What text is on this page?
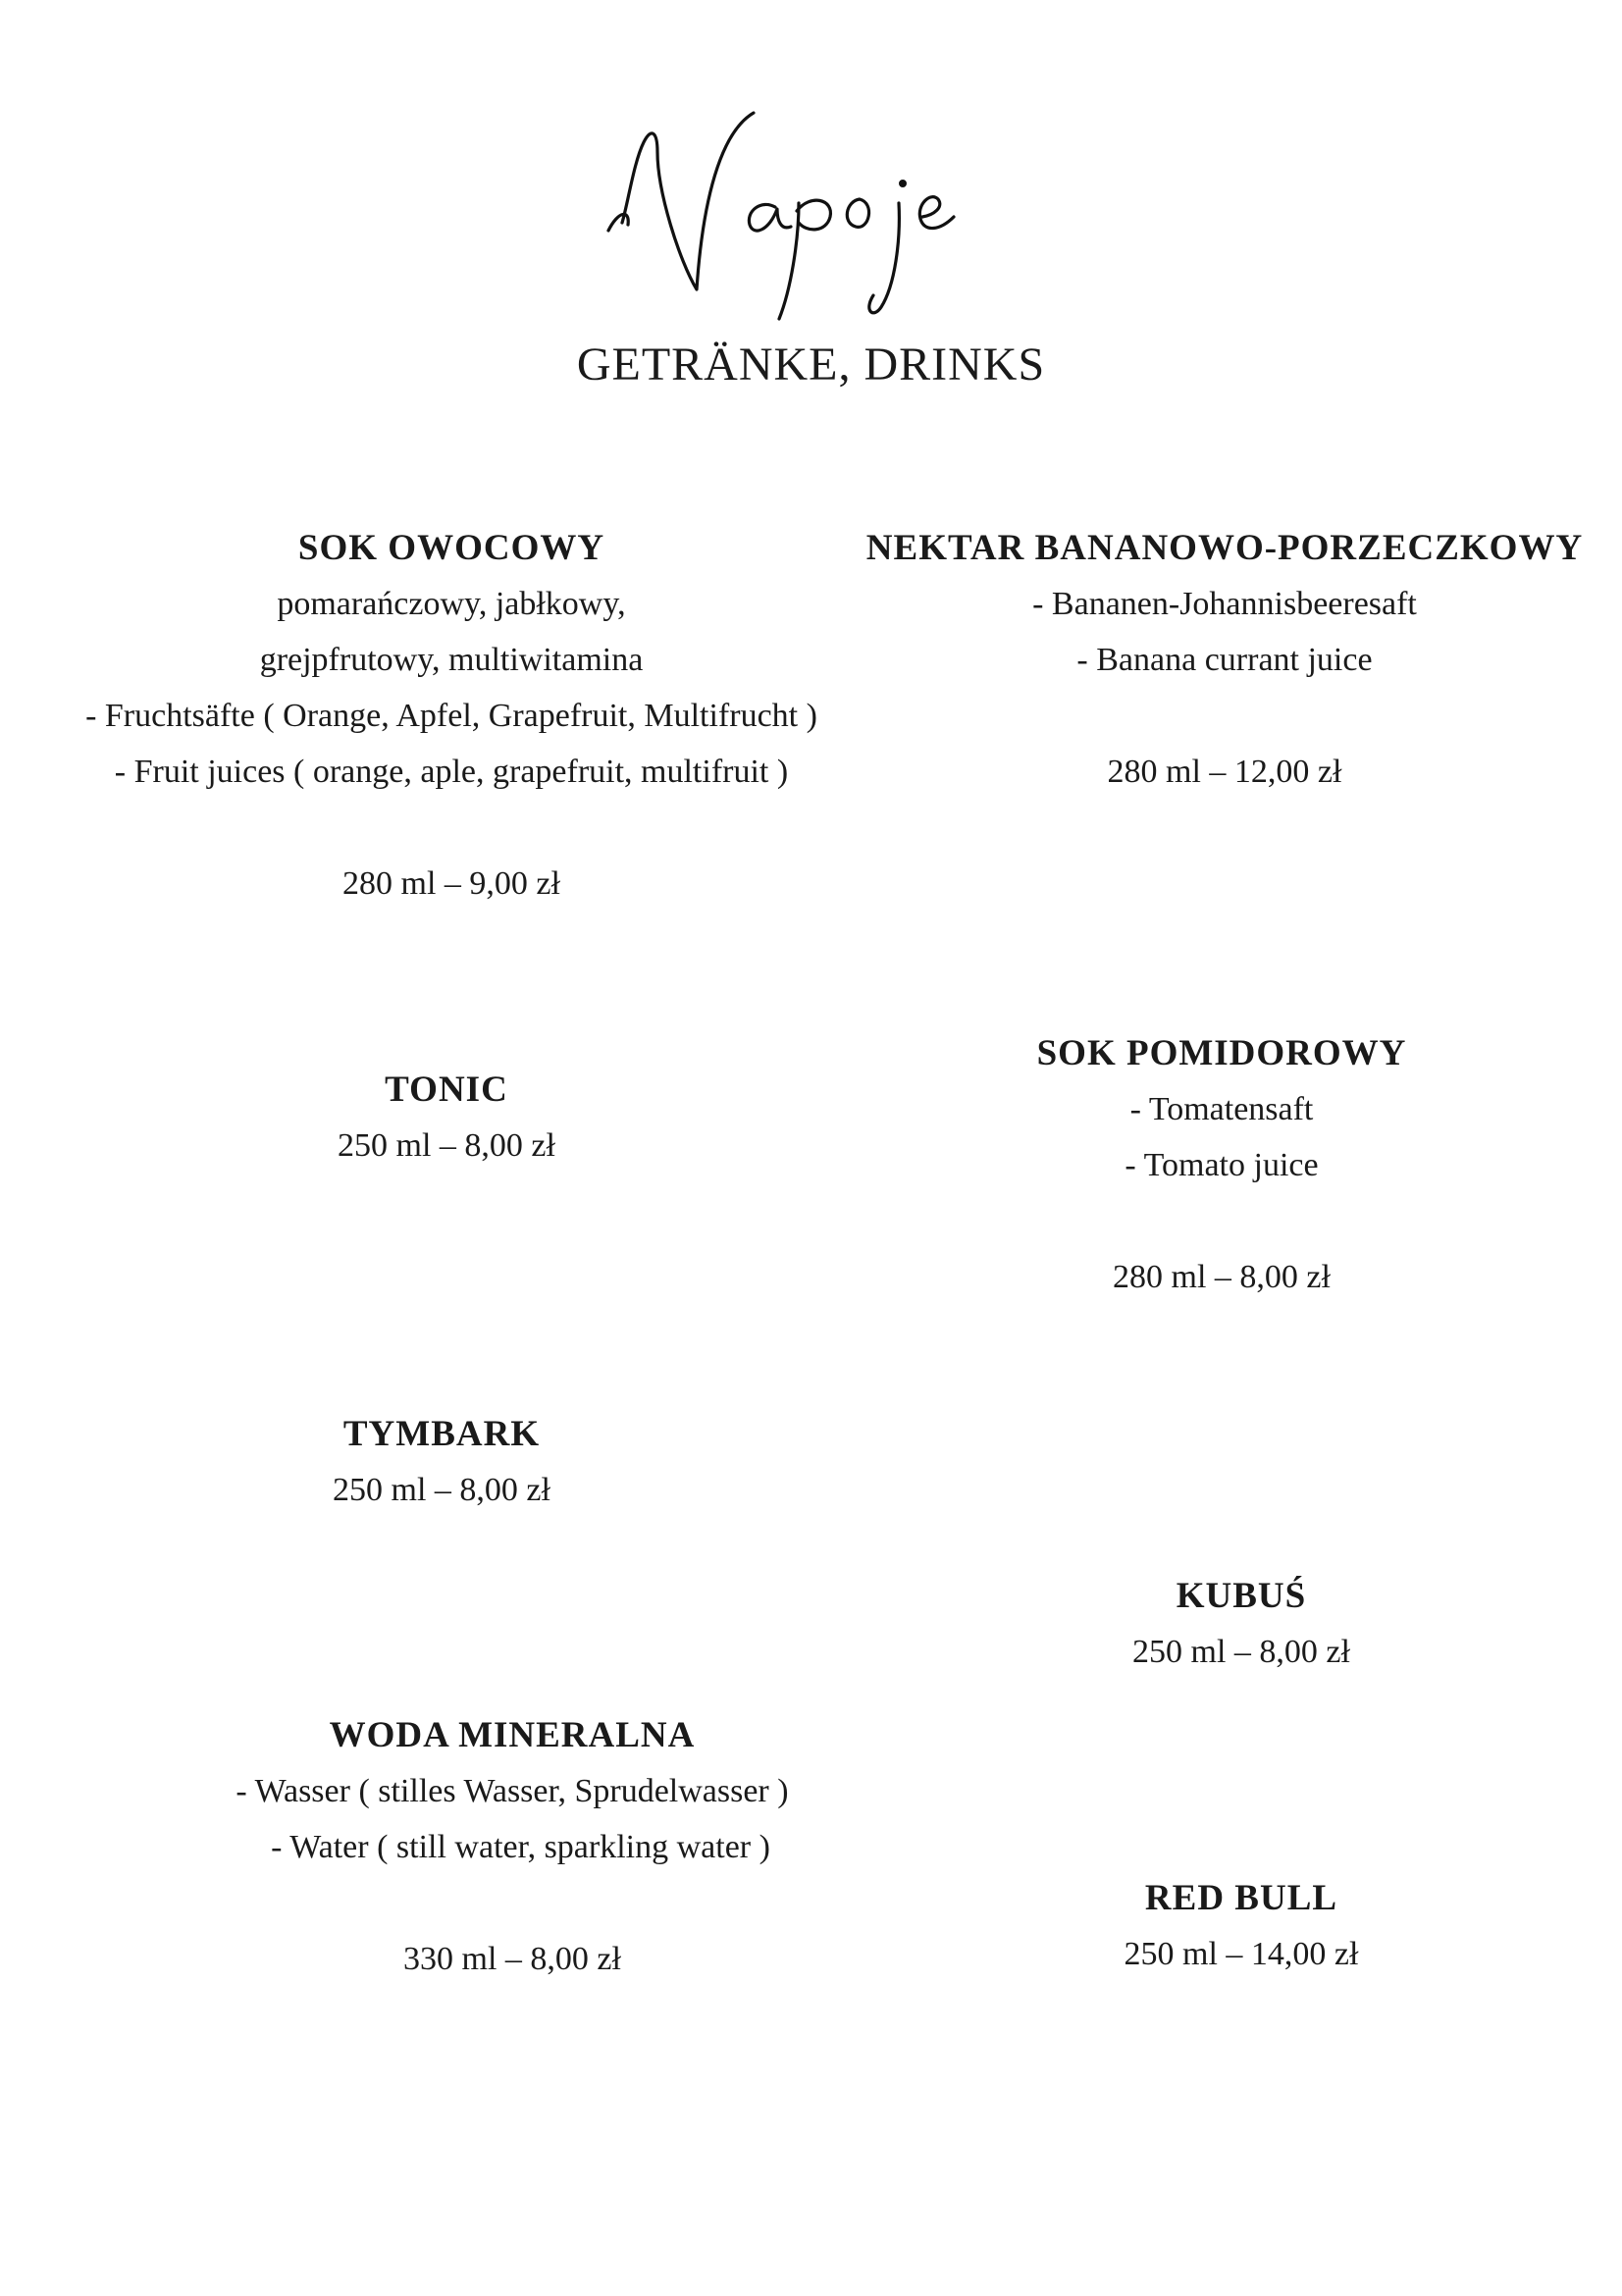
GETRÄNKE, DRINKS
SOK OWOCOWY
pomarańczowy, jabłkowy,
grejpfrutowy, multiwitamina
- Fruchtsäfte ( Orange, Apfel, Grapefruit, Multifrucht )
- Fruit juices ( orange, aple, grapefruit, multifruit )
280 ml – 9,00 zł
NEKTAR BANANOWO-PORZECZKOWY
- Bananen-Johannisbeeresaft
- Banana currant juice
280 ml – 12,00 zł
TONIC
250 ml – 8,00 zł
SOK POMIDOROWY
- Tomatensaft
- Tomato juice
280 ml – 8,00 zł
TYMBARK
250 ml – 8,00 zł
KUBUŚ
250 ml – 8,00 zł
WODA MINERALNA
- Wasser ( stilles Wasser, Sprudelwasser )
- Water ( still water, sparkling water )
330 ml – 8,00 zł
RED BULL
250 ml – 14,00 zł
